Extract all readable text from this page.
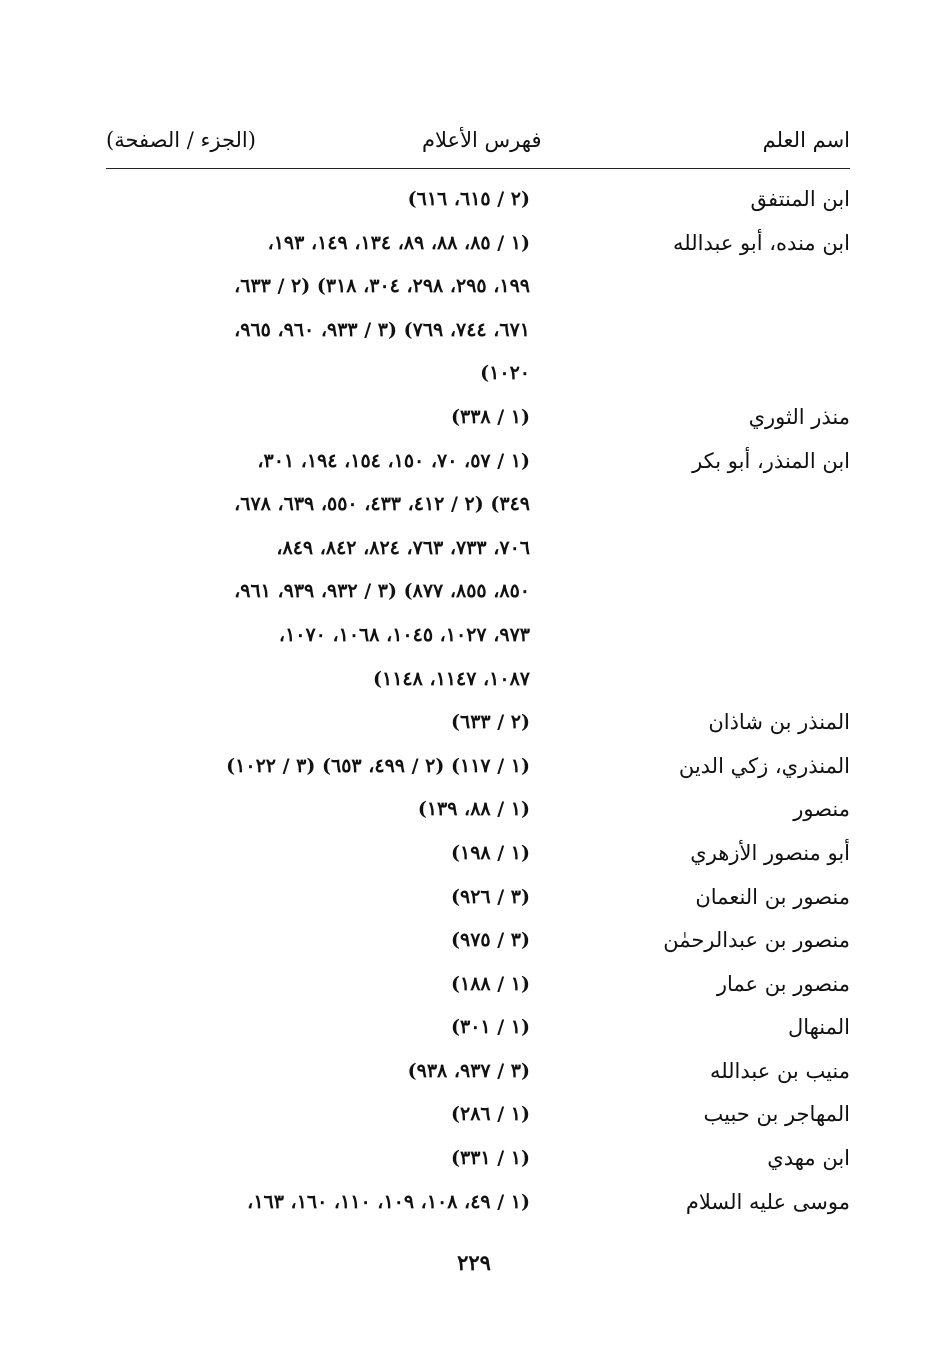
(الجزء / الصفحة)	فهرس الأعلام	اسم العلم
ابن المنتفق
(٢ / ٦١٥، ٦١٦)
ابن منده، أبو عبدالله
(١ / ٨٥، ٨٨، ٨٩، ١٣٤، ١٤٩، ١٩٣،
١٩٩، ٢٩٥، ٢٩٨، ٣٠٤، ٣١٨) (٢ / ٦٣٣،
٦٧١، ٧٤٤، ٧٦٩) (٣ / ٩٣٣، ٩٦٠، ٩٦٥،
١٠٢٠)
منذر الثوري
(١ / ٣٣٨)
ابن المنذر، أبو بكر
(١ / ٥٧، ٧٠، ١٥٠، ١٥٤، ١٩٤، ٣٠١،
٣٤٩) (٢ / ٤١٢، ٤٣٣، ٥٥٠، ٦٣٩، ٦٧٨،
٧٠٦، ٧٣٣، ٧٦٣، ٨٢٤، ٨٤٢، ٨٤٩،
٨٥٠، ٨٥٥، ٨٧٧) (٣ / ٩٣٢، ٩٣٩، ٩٦١،
٩٧٣، ١٠٢٧، ١٠٤٥، ١٠٦٨، ١٠٧٠،
١٠٨٧، ١١٤٧، ١١٤٨)
المنذر بن شاذان
(٢ / ٦٣٣)
المنذري، زكي الدين
(١ / ١١٧) (٢ / ٤٩٩، ٦٥٣) (٣ / ١٠٢٢)
منصور
(١ / ٨٨، ١٣٩)
أبو منصور الأزهري
(١ / ١٩٨)
منصور بن النعمان
(٣ / ٩٢٦)
منصور بن عبدالرحمٰن
(٣ / ٩٧٥)
منصور بن عمار
(١ / ١٨٨)
المنهال
(١ / ٣٠١)
منيب بن عبدالله
(٣ / ٩٣٧، ٩٣٨)
المهاجر بن حبيب
(١ / ٢٨٦)
ابن مهدي
(١ / ٣٣١)
موسى عليه السلام
(١ / ٤٩، ١٠٨، ١٠٩، ١١٠، ١٦٠، ١٦٣،
٢٢٩
